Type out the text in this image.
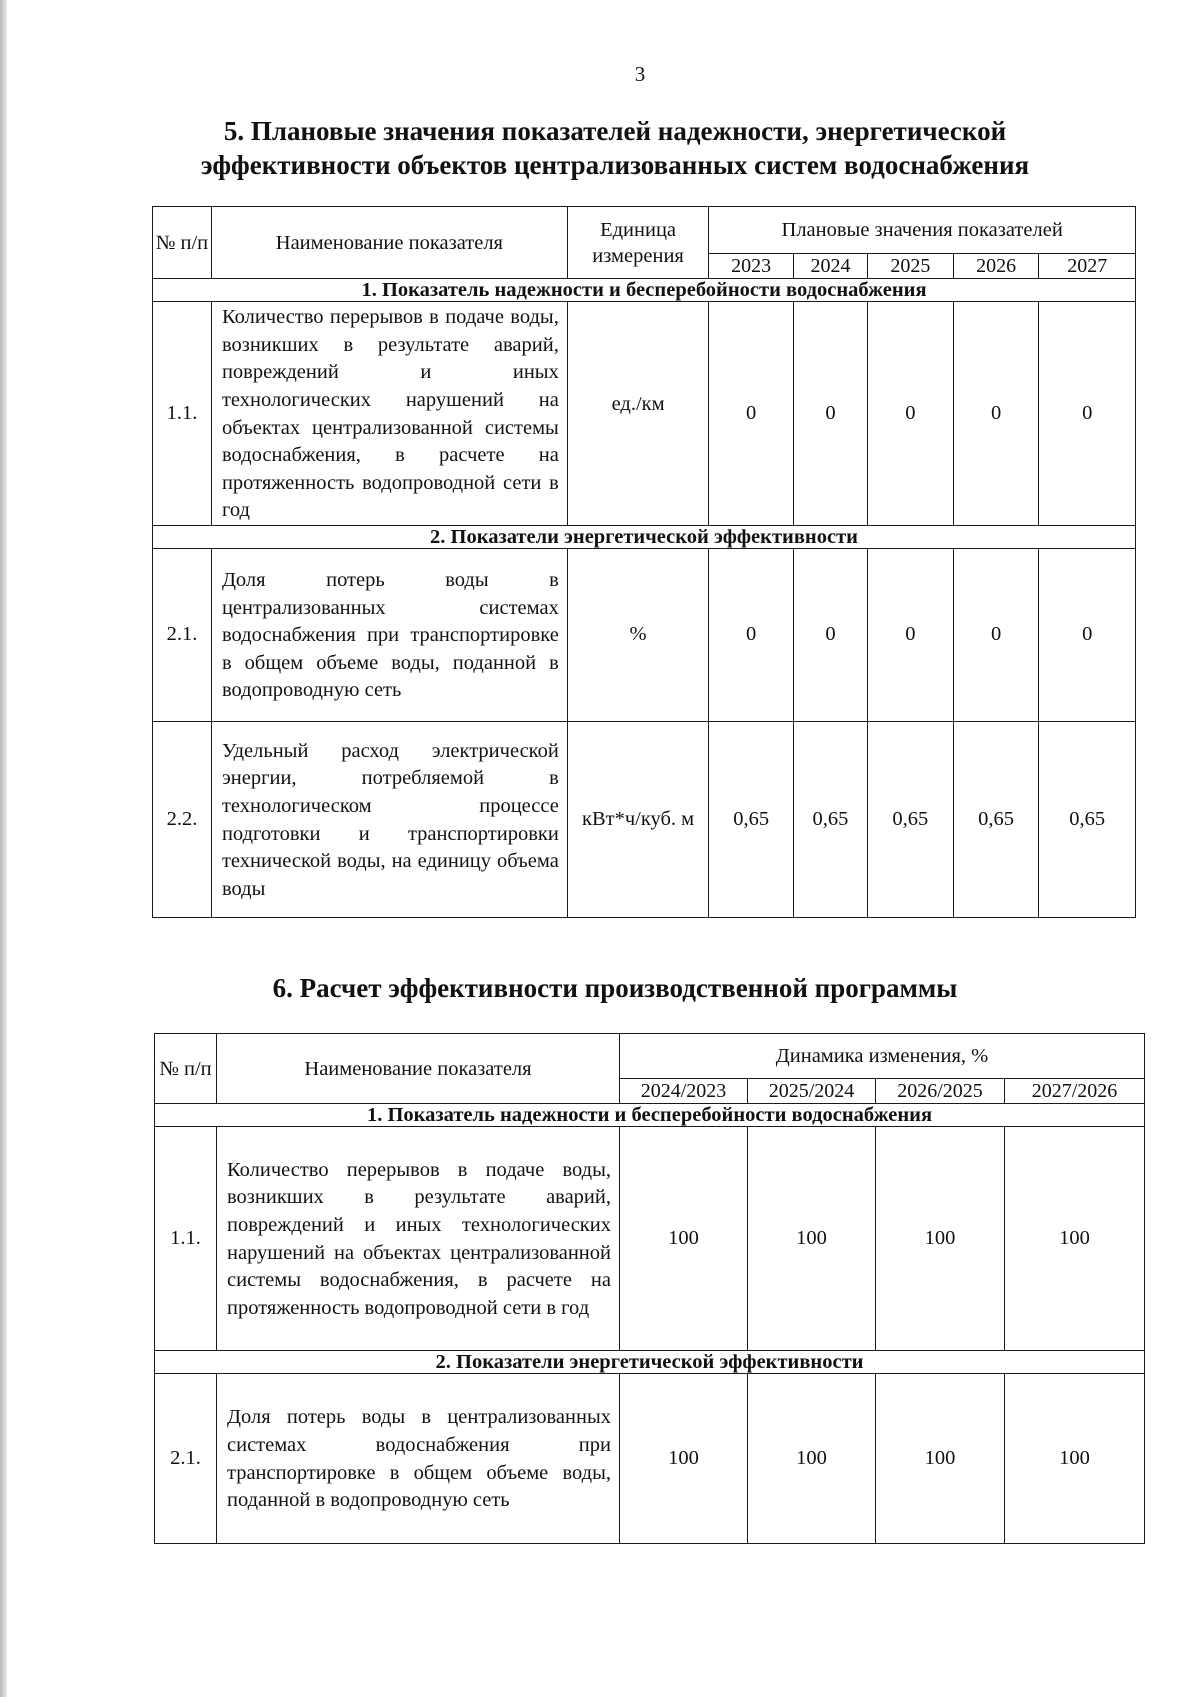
3
5. Плановые значения показателей надежности, энергетической эффективности объектов централизованных систем водоснабжения
№ п/п	Наименование показателя	Единица измерения	Плановые значения показателей				
			2023	2024	2025	2026	2027
1. Показатель надежности и бесперебойности водоснабжения							
1.1.	Количество перерывов в подаче воды, возникших в результате аварий, повреждений и иных технологических нарушений на объектах централизованной системы водоснабжения, в расчете на протяженность водопроводной сети в год	ед./км	0	0	0	0	0
2. Показатели энергетической эффективности							
2.1.	Доля потерь воды в централизованных системах водоснабжения при транспортировке в общем объеме воды, поданной в водопроводную сеть	%	0	0	0	0	0
2.2.	Удельный расход электрической энергии, потребляемой в технологическом процессе подготовки и транспортировки технической воды, на единицу объема воды	кВт*ч/куб. м	0,65	0,65	0,65	0,65	0,65
6. Расчет эффективности производственной программы
№ п/п	Наименование показателя	Динамика изменения, %			
		2024/2023	2025/2024	2026/2025	2027/2026
1. Показатель надежности и бесперебойности водоснабжения					
1.1.	Количество перерывов в подаче воды, возникших в результате аварий, повреждений и иных технологических нарушений на объектах централизованной системы водоснабжения, в расчете на протяженность водопроводной сети в год	100	100	100	100
2. Показатели энергетической эффективности					
2.1.	Доля потерь воды в централизованных системах водоснабжения при транспортировке в общем объеме воды, поданной в водопроводную сеть	100	100	100	100
